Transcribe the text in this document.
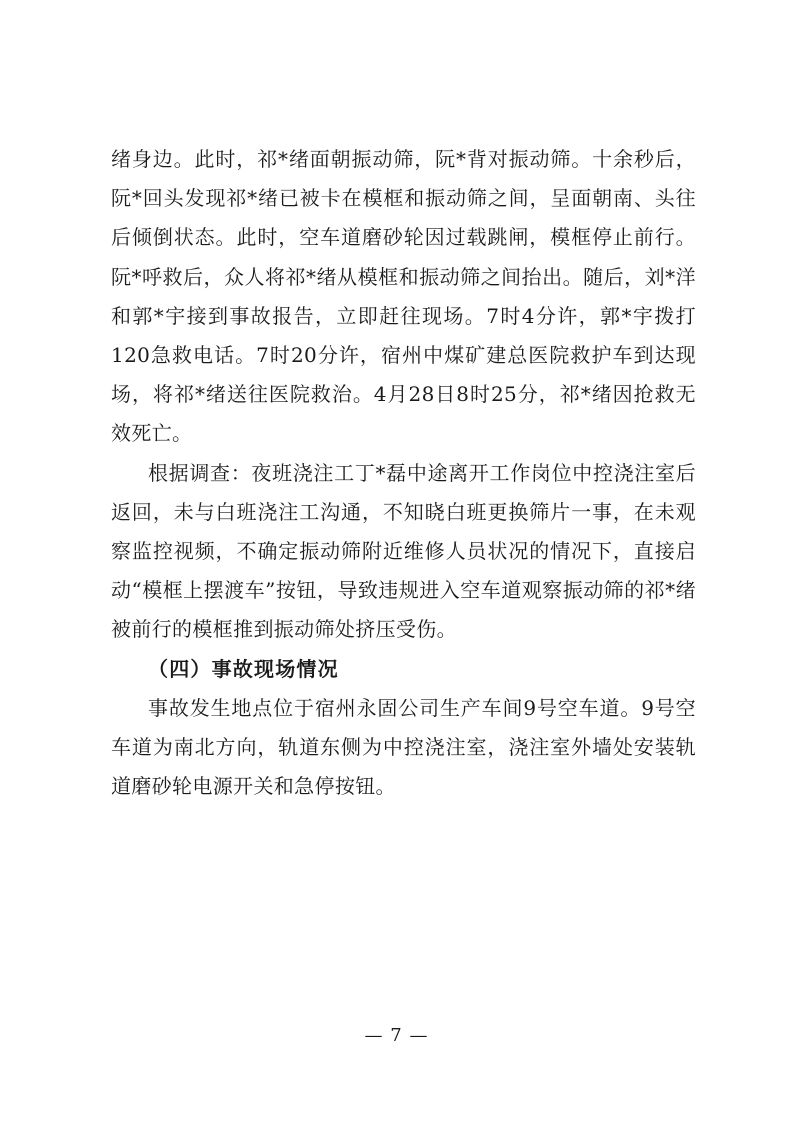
绪身边。此时，祁*绪面朝振动筛，阮*背对振动筛。十余秒后，阮*回头发现祁*绪已被卡在模框和振动筛之间，呈面朝南、头往后倾倒状态。此时，空车道磨砂轮因过载跳闸，模框停止前行。阮*呼救后，众人将祁*绪从模框和振动筛之间抬出。随后，刘*洋和郭*宇接到事故报告，立即赶往现场。7时4分许，郭*宇拨打120急救电话。7时20分许，宿州中煤矿建总医院救护车到达现场，将祁*绪送往医院救治。4月28日8时25分，祁*绪因抢救无效死亡。

根据调查：夜班浇注工丁*磊中途离开工作岗位中控浇注室后返回，未与白班浇注工沟通，不知晓白班更换筛片一事，在未观察监控视频，不确定振动筛附近维修人员状况的情况下，直接启动“模框上摆渡车”按钮，导致违规进入空车道观察振动筛的祁*绪被前行的模框推到振动筛处挤压受伤。

（四）事故现场情况

事故发生地点位于宿州永固公司生产车间9号空车道。9号空车道为南北方向，轨道东侧为中控浇注室，浇注室外墙处安装轨道磨砂轮电源开关和急停按钮。

— 7 —
